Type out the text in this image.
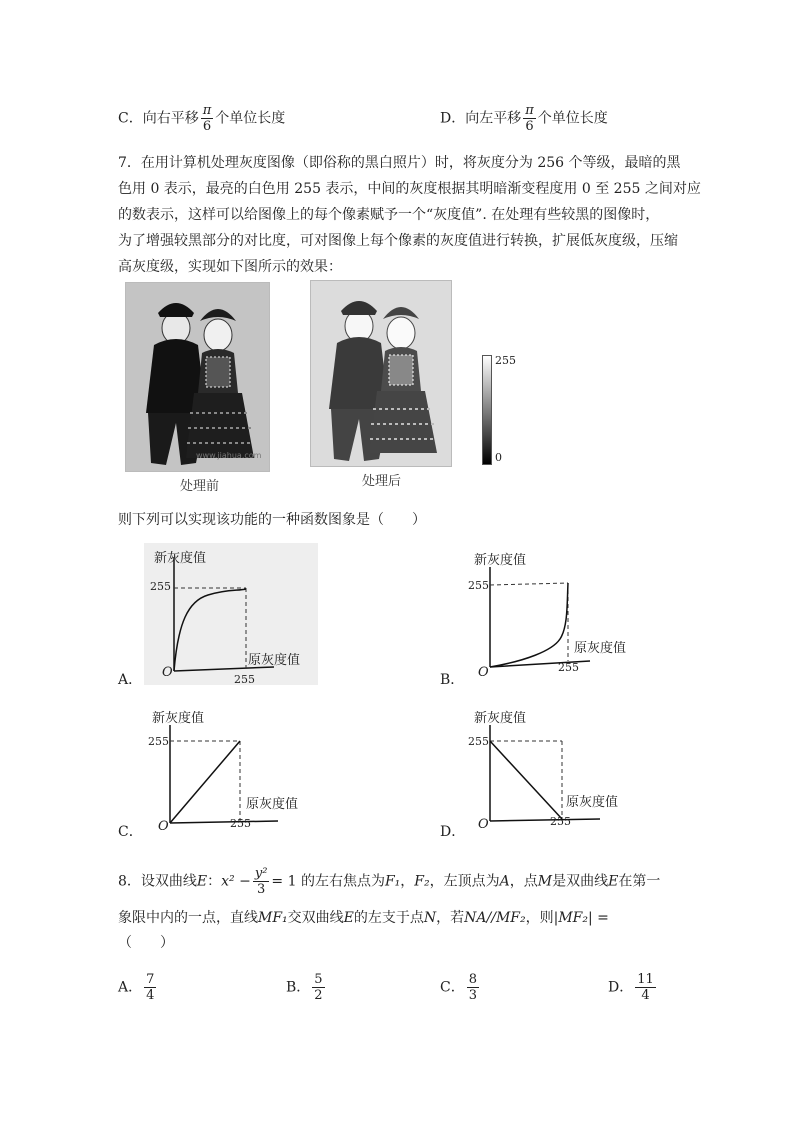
C．向右平移 $\frac{\pi}{6}$ 个单位长度	D．向左平移 $\frac{\pi}{6}$ 个单位长度
7．在用计算机处理灰度图像（即俗称的黑白照片）时，将灰度分为 256 个等级，最暗的黑
色用 0 表示，最亮的白色用 255 表示，中间的灰度根据其明暗渐变程度用 0 至 255 之间对应
的数表示，这样可以给图像上的每个像素赋予一个“灰度值”. 在处理有些较黑的图像时，
为了增强较黑部分的对比度，可对图像上每个像素的灰度值进行转换，扩展低灰度级，压缩
高灰度级，实现如下图所示的效果：
www.jiahua.com
处理前	处理后
255
0
则下列可以实现该功能的一种函数图象是（　　）
新灰度值
255
原灰度值
255
O
A．
新灰度值
255
原灰度值
255
O
B．
新灰度值
255
原灰度值
255
O
C．
新灰度值
255
原灰度值
255
O
D．
8．设双曲线E：$x^2 - \frac{\text{y²}}{3} = 1$ 的左右焦点为F₁，F₂，左顶点为A，点M是双曲线E在第一
象限中内的一点，直线MF₁交双曲线E的左支于点N，若NA//MF₂，则|MF₂| =
（　　）
A． $\frac{7}{4}$	B． $\frac{5}{2}$	C． $\frac{8}{3}$	D． $\frac{11}{4}$
